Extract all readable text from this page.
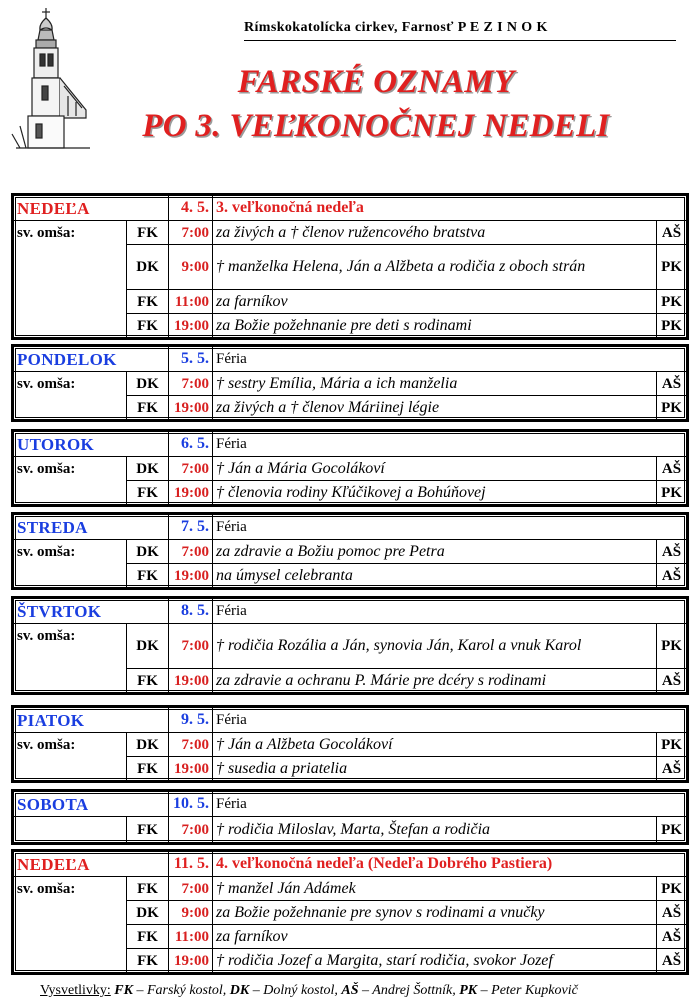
Rímskokatolícka cirkev, Farnosť P E Z I N O K
FARSKÉ OZNAMY
PO 3. VEĽKONOČNEJ NEDELI
NEDEĽA		4. 5.	3. veľkonočná nedeľa	
sv. omša:	FK	7:00	za živých a † členov ružencového bratstva	AŠ
	DK	9:00	† manželka Helena, Ján a Alžbeta a rodičia z oboch strán	PK
	FK	11:00	za farníkov	PK
	FK	19:00	za Božie požehnanie pre deti s rodinami	PK
PONDELOK		5. 5.	Féria	
sv. omša:	DK	7:00	† sestry Emília, Mária a ich manželia	AŠ
	FK	19:00	za živých a † členov Máriinej légie	PK
UTOROK		6. 5.	Féria	
sv. omša:	DK	7:00	† Ján a Mária Gocolákoví	AŠ
	FK	19:00	† členovia rodiny Kľúčikovej a Bohúňovej	PK
STREDA		7. 5.	Féria	
sv. omša:	DK	7:00	za zdravie a Božiu pomoc pre Petra	AŠ
	FK	19:00	na úmysel celebranta	AŠ
ŠTVRTOK		8. 5.	Féria	
sv. omša:	DK	7:00	† rodičia Rozália a Ján, synovia Ján, Karol a vnuk Karol	PK
	FK	19:00	za zdravie a ochranu P. Márie pre dcéry s rodinami	AŠ
PIATOK		9. 5.	Féria	
sv. omša:	DK	7:00	† Ján a Alžbeta Gocolákoví	PK
	FK	19:00	† susedia a priatelia	AŠ
SOBOTA		10. 5.	Féria	
	FK	7:00	† rodičia Miloslav, Marta, Štefan a rodičia	PK
NEDEĽA		11. 5.	4. veľkonočná nedeľa (Nedeľa Dobrého Pastiera)	
sv. omša:	FK	7:00	† manžel Ján Adámek	PK
	DK	9:00	za Božie požehnanie pre synov s rodinami a vnučky	AŠ
	FK	11:00	za farníkov	AŠ
	FK	19:00	† rodičia Jozef a Margita, starí rodičia, svokor Jozef	AŠ
Vysvetlivky: FK – Farský kostol, DK – Dolný kostol, AŠ – Andrej Šottník, PK – Peter Kupkovič
